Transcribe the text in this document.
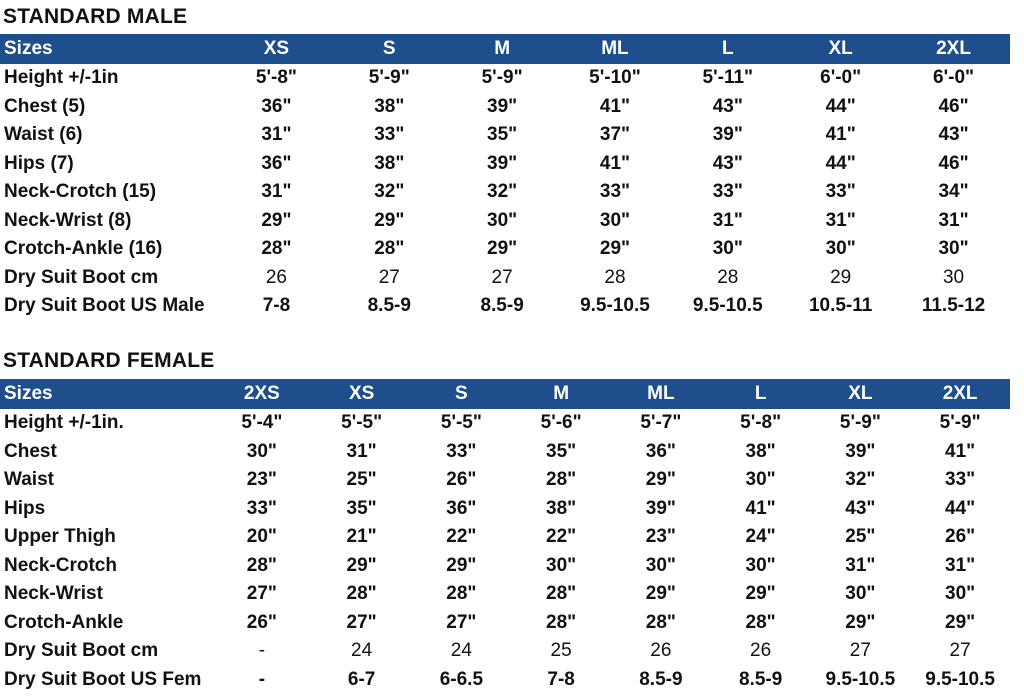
STANDARD MALE
Sizes	XS	S	M	ML	L	XL	2XL
Height +/-1in	5'-8"	5'-9"	5'-9"	5'-10"	5'-11"	6'-0"	6'-0"
Chest (5)	36"	38"	39"	41"	43"	44"	46"
Waist (6)	31"	33"	35"	37"	39"	41"	43"
Hips (7)	36"	38"	39"	41"	43"	44"	46"
Neck-Crotch (15)	31"	32"	32"	33"	33"	33"	34"
Neck-Wrist (8)	29"	29"	30"	30"	31"	31"	31"
Crotch-Ankle (16)	28"	28"	29"	29"	30"	30"	30"
Dry Suit Boot cm	26	27	27	28	28	29	30
Dry Suit Boot US Male	7-8	8.5-9	8.5-9	9.5-10.5	9.5-10.5	10.5-11	11.5-12
STANDARD FEMALE
Sizes	2XS	XS	S	M	ML	L	XL	2XL
Height +/-1in.	5'-4"	5'-5"	5'-5"	5'-6"	5'-7"	5'-8"	5'-9"	5'-9"
Chest	30"	31"	33"	35"	36"	38"	39"	41"
Waist	23"	25"	26"	28"	29"	30"	32"	33"
Hips	33"	35"	36"	38"	39"	41"	43"	44"
Upper Thigh	20"	21"	22"	22"	23"	24"	25"	26"
Neck-Crotch	28"	29"	29"	30"	30"	30"	31"	31"
Neck-Wrist	27"	28"	28"	28"	29"	29"	30"	30"
Crotch-Ankle	26"	27"	27"	28"	28"	28"	29"	29"
Dry Suit Boot cm	-	24	24	25	26	26	27	27
Dry Suit Boot US Fem	-	6-7	6-6.5	7-8	8.5-9	8.5-9	9.5-10.5	9.5-10.5
